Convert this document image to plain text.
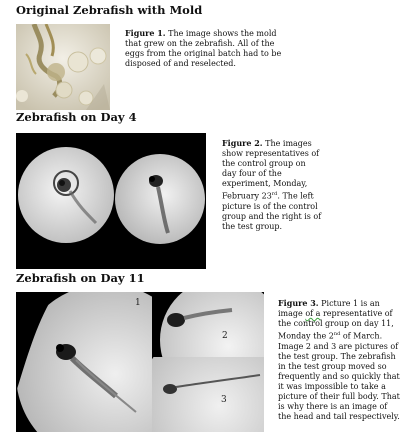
Original Zebrafish with Mold

Figure 1. The image shows the mold that grew on the zebrafish. All of the eggs from the original batch had to be disposed of and reselected.

Zebrafish on Day 4

Figure 2. The images show representatives of the control group on day four of the experiment, Monday, February 23rd. The left picture is of the control group and the right is of the test group.

Zebrafish on Day 11
1
2
3

Figure 3. Picture 1 is an image of a representative of the control group on day 11, Monday the 2nd of March. Image 2 and 3 are pictures of the test group. The zebrafish in the test group moved so frequently and so quickly that it was impossible to take a picture of their full body. That is why there is an image of the head and tail respectively.
